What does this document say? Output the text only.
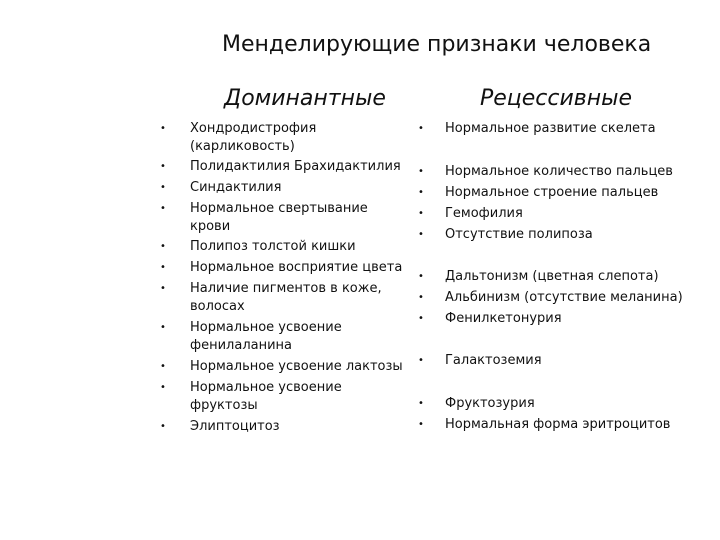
Менделирующие признаки человека
Доминантные	Рецессивные
•
Хондродистрофия
(карликовость)
•
Полидактилия Брахидактилия
•
Синдактилия
•
Нормальное свертывание
крови
•
Полипоз толстой кишки
•
Нормальное восприятие цвета
•
Наличие пигментов в коже,
волосах
•
Нормальное усвоение
фенилаланина
•
Нормальное усвоение лактозы
•
Нормальное усвоение
фруктозы
•
Элиптоцитоз
•
Нормальное развитие скелета
•
Нормальное количество пальцев
•
Нормальное строение пальцев
•
Гемофилия
•
Отсутствие полипоза
•
Дальтонизм (цветная слепота)
•
Альбинизм (отсутствие меланина)
•
Фенилкетонурия
•
Галактоземия
•
Фруктозурия
•
Нормальная форма эритроцитов
